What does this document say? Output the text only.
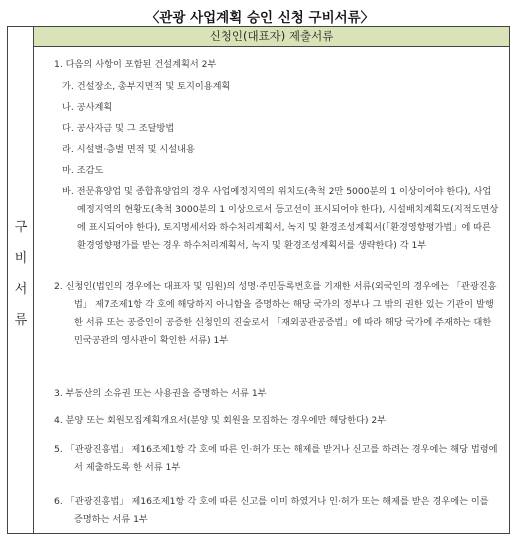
〈관광 사업계획 승인 신청 구비서류〉
구
비
서
류
신청인(대표자) 제출서류
1. 다음의 사항이 포함된 건설계획서 2부
가. 건설장소, 총부지면적 및 토지이용계획
나. 공사계획
다. 공사자금 및 그 조달방법
라. 시설별·층별 면적 및 시설내용
마. 조감도
바. 전문휴양업 및 종합휴양업의 경우 사업예정지역의 위치도(축척 2만 5000분의 1 이상이어야 한다), 사업예정지역의 현황도(축척 3000분의 1 이상으로서 등고선이 표시되어야 한다), 시설배치계획도(지적도면상에 표시되어야 한다), 토지명세서와 하수처리계획서, 녹지 및 환경조성계획서(「환경영향평가법」에 따른 환경영향평가를 받는 경우 하수처리계획서, 녹지 및 환경조성계획서를 생략한다) 각 1부
2. 신청인(법인의 경우에는 대표자 및 임원)의 성명·주민등록번호를 기재한 서류(외국인의 경우에는 「관광진흥법」 제7조제1항 각 호에 해당하지 아니함을 증명하는 해당 국가의 정부나 그 밖의 권한 있는 기관이 발행한 서류 또는 공증인이 공증한 신청인의 진술로서 「재외공관공증법」에 따라 해당 국가에 주재하는 대한민국공관의 영사관이 확인한 서류) 1부
3. 부동산의 소유권 또는 사용권을 증명하는 서류 1부
4. 분양 또는 회원모집계획개요서(분양 및 회원을 모집하는 경우에만 해당한다) 2부
5. 「관광진흥법」 제16조제1항 각 호에 따른 인·허가 또는 해제를 받거나 신고를 하려는 경우에는 해당 법령에서 제출하도록 한 서류 1부
6. 「관광진흥법」 제16조제1항 각 호에 따른 신고를 이미 하였거나 인·허가 또는 해제를 받은 경우에는 이를 증명하는 서류 1부
